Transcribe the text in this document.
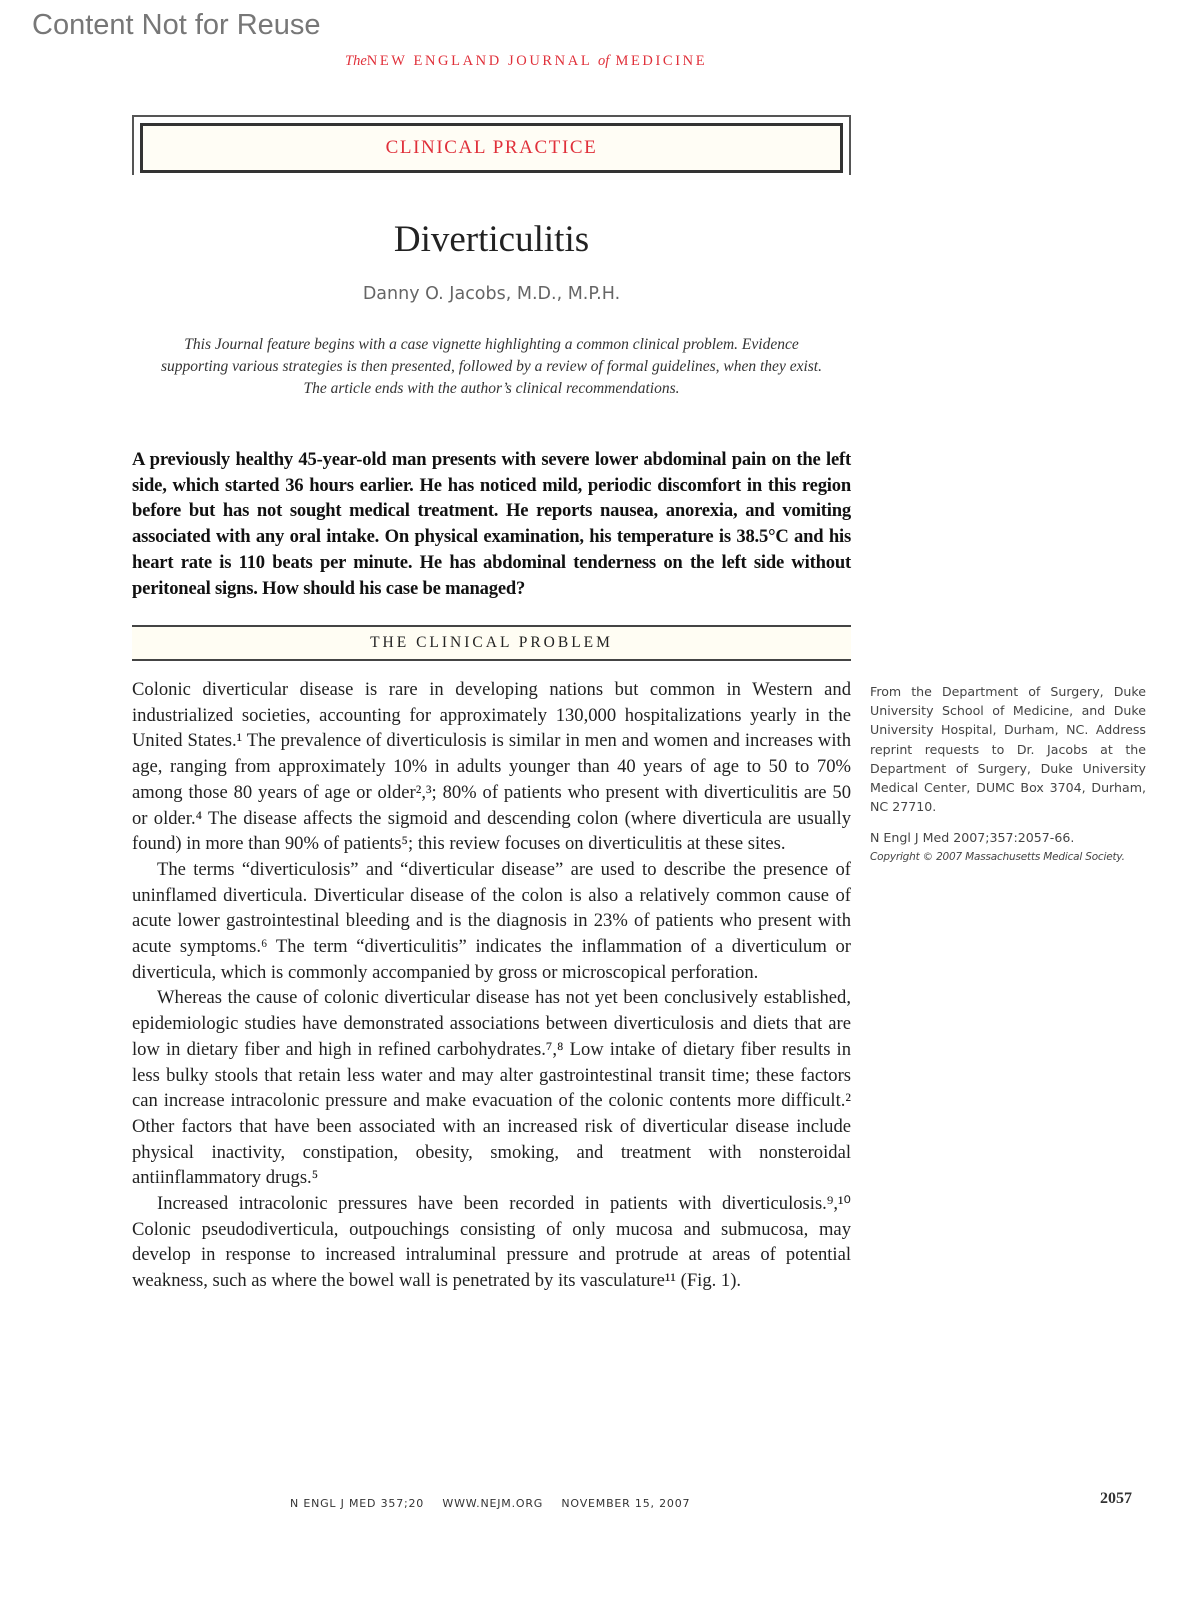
Content Not for Reuse
TheNEW ENGLAND JOURNAL of MEDICINE
CLINICAL PRACTICE
Diverticulitis
Danny O. Jacobs, M.D., M.P.H.
This Journal feature begins with a case vignette highlighting a common clinical problem. Evidence supporting various strategies is then presented, followed by a review of formal guidelines, when they exist. The article ends with the author’s clinical recommendations.
A previously healthy 45-year-old man presents with severe lower abdominal pain on the left side, which started 36 hours earlier. He has noticed mild, periodic discomfort in this region before but has not sought medical treatment. He reports nausea, anorexia, and vomiting associated with any oral intake. On physical examination, his temperature is 38.5°C and his heart rate is 110 beats per minute. He has abdominal tenderness on the left side without peritoneal signs. How should his case be managed?
THE CLINICAL PROBLEM

Colonic diverticular disease is rare in developing nations but common in Western and industrialized societies, accounting for approximately 130,000 hospitalizations yearly in the United States.¹ The prevalence of diverticulosis is similar in men and women and increases with age, ranging from approximately 10% in adults younger than 40 years of age to 50 to 70% among those 80 years of age or older²,³; 80% of patients who present with diverticulitis are 50 or older.⁴ The disease affects the sigmoid and descending colon (where diverticula are usually found) in more than 90% of patients⁵; this review focuses on diverticulitis at these sites.

The terms “diverticulosis” and “diverticular disease” are used to describe the presence of uninflamed diverticula. Diverticular disease of the colon is also a relatively common cause of acute lower gastrointestinal bleeding and is the diagnosis in 23% of patients who present with acute symptoms.⁶ The term “diverticulitis” indicates the inflammation of a diverticulum or diverticula, which is commonly accompanied by gross or microscopical perforation.

Whereas the cause of colonic diverticular disease has not yet been conclusively established, epidemiologic studies have demonstrated associations between diverticulosis and diets that are low in dietary fiber and high in refined carbohydrates.⁷,⁸ Low intake of dietary fiber results in less bulky stools that retain less water and may alter gastrointestinal transit time; these factors can increase intracolonic pressure and make evacuation of the colonic contents more difficult.² Other factors that have been associated with an increased risk of diverticular disease include physical inactivity, constipation, obesity, smoking, and treatment with nonsteroidal antiinflammatory drugs.⁵

Increased intracolonic pressures have been recorded in patients with diverticulosis.⁹,¹⁰ Colonic pseudodiverticula, outpouchings consisting of only mucosa and submucosa, may develop in response to increased intraluminal pressure and protrude at areas of potential weakness, such as where the bowel wall is penetrated by its vasculature¹¹ (Fig. 1).

From the Department of Surgery, Duke University School of Medicine, and Duke University Hospital, Durham, NC. Address reprint requests to Dr. Jacobs at the Department of Surgery, Duke University Medical Center, DUMC Box 3704, Durham, NC 27710.
N Engl J Med 2007;357:2057-66.
Copyright © 2007 Massachusetts Medical Society.
N ENGL J MED 357;20 WWW.NEJM.ORG NOVEMBER 15, 2007	2057
